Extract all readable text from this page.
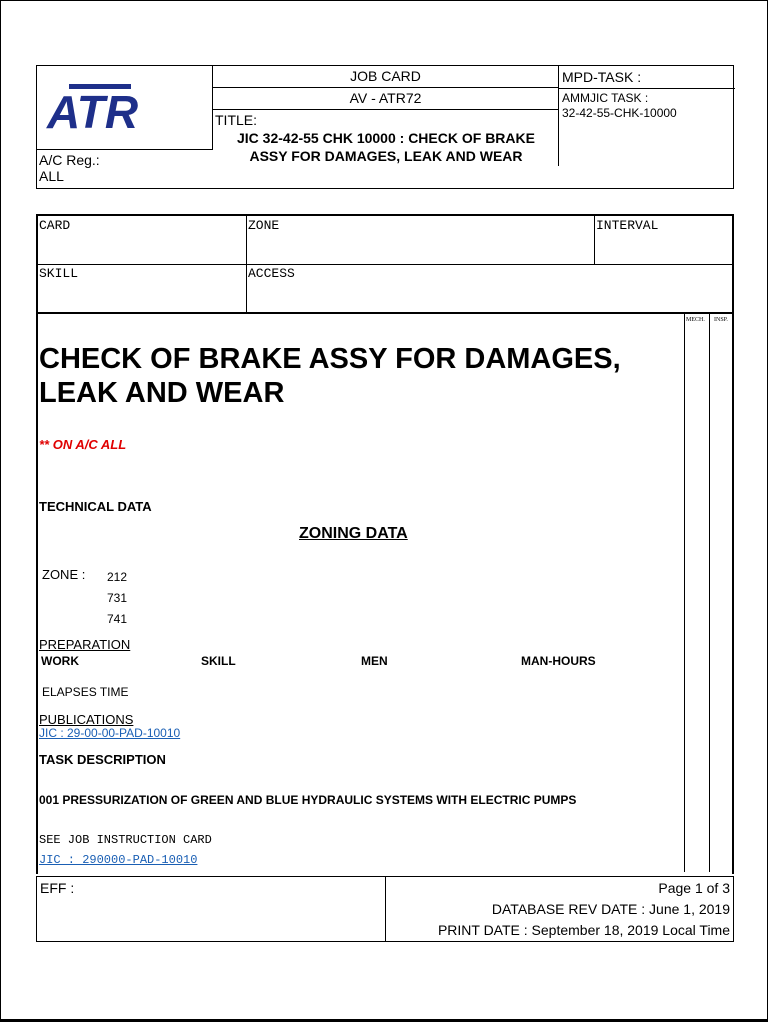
ATR
A/C Reg.:
ALL
JOB CARD
AV - ATR72
TITLE:
JIC 32-42-55 CHK 10000 : CHECK OF BRAKE
ASSY FOR DAMAGES, LEAK AND WEAR
MPD-TASK :
AMMJIC TASK :
32-42-55-CHK-10000
CARD	ZONE	INTERVAL
SKILL	ACCESS
MECH. INSP.
CHECK OF BRAKE ASSY FOR DAMAGES,
LEAK AND WEAR
** ON A/C ALL
TECHNICAL DATA
ZONING DATA
ZONE : 212
731
741
PREPARATION
WORK	SKILL	MEN	MAN-HOURS
ELAPSES TIME
PUBLICATIONS
JIC : 29-00-00-PAD-10010
TASK DESCRIPTION
001 PRESSURIZATION OF GREEN AND BLUE HYDRAULIC SYSTEMS WITH ELECTRIC PUMPS
SEE JOB INSTRUCTION CARD
JIC : 290000-PAD-10010
EFF :	Page 1 of 3
DATABASE REV DATE : June 1, 2019
PRINT DATE : September 18, 2019 Local Time
